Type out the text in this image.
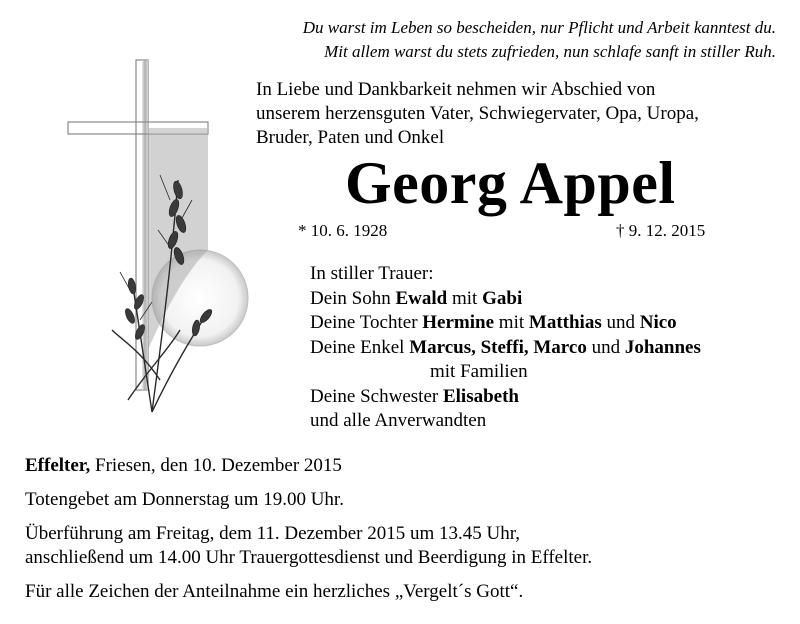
Du warst im Leben so bescheiden, nur Pflicht und Arbeit kanntest du.
Mit allem warst du stets zufrieden, nun schlafe sanft in stiller Ruh.
In Liebe und Dankbarkeit nehmen wir Abschied von
unserem herzensguten Vater, Schwiegervater, Opa, Uropa,
Bruder, Paten und Onkel
Georg Appel
* 10. 6. 1928	† 9. 12. 2015
In stiller Trauer:
Dein Sohn Ewald mit Gabi
Deine Tochter Hermine mit Matthias und Nico
Deine Enkel Marcus, Steffi, Marco und Johannes
mit Familien
Deine Schwester Elisabeth
und alle Anverwandten
Effelter, Friesen, den 10. Dezember 2015
Totengebet am Donnerstag um 19.00 Uhr.
Überführung am Freitag, dem 11. Dezember 2015 um 13.45 Uhr,
anschließend um 14.00 Uhr Trauergottesdienst und Beerdigung in Effelter.
Für alle Zeichen der Anteilnahme ein herzliches „Vergelt´s Gott“.
